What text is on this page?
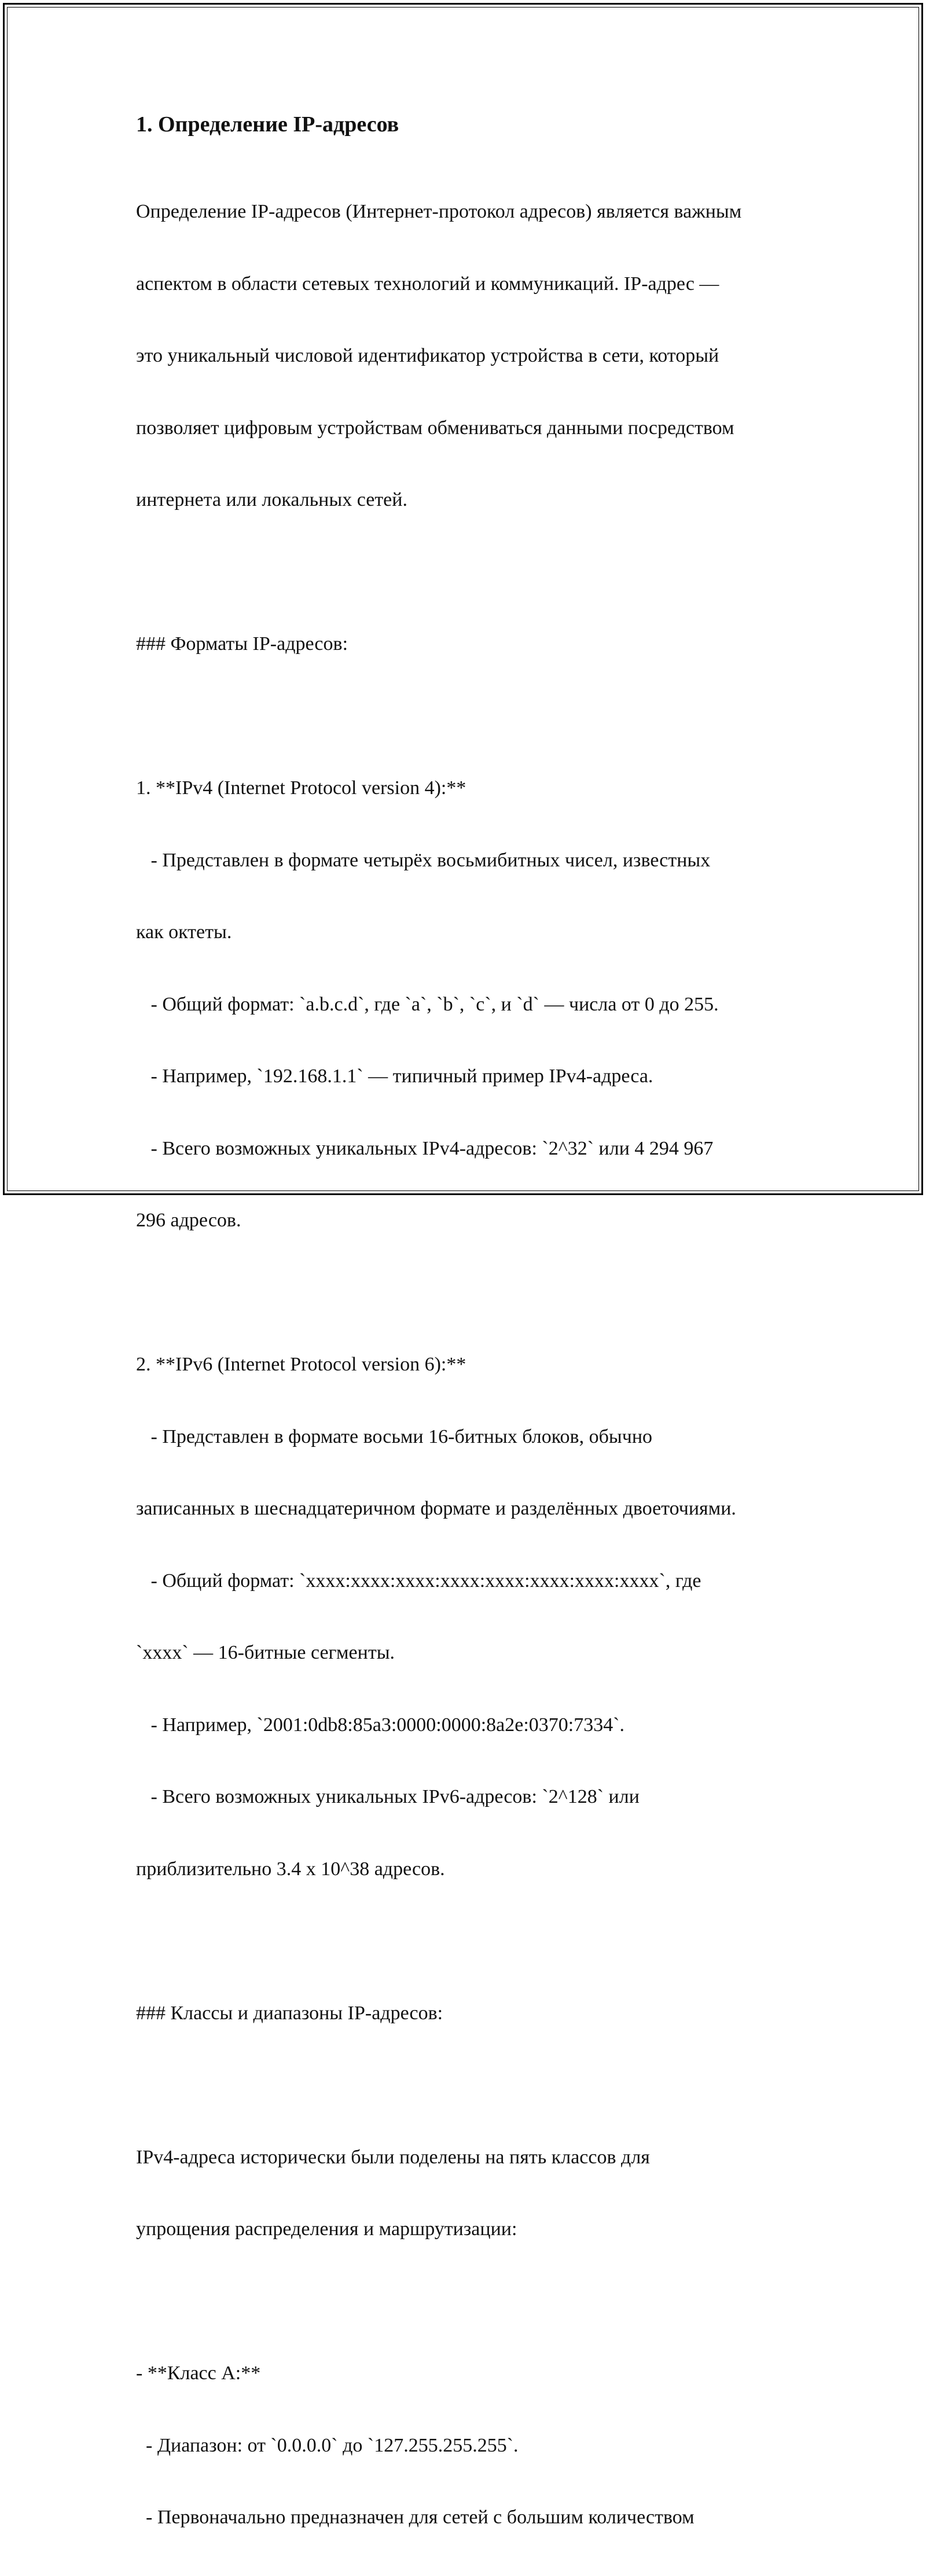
1. Определение IP-адресов

Определение IP-адресов (Интернет-протокол адресов) является важным

аспектом в области сетевых технологий и коммуникаций. IP-адрес —

это уникальный числовой идентификатор устройства в сети, который

позволяет цифровым устройствам обмениваться данными посредством

интернета или локальных сетей.

### Форматы IP-адресов:

1. **IPv4 (Internet Protocol version 4):**

- Представлен в формате четырёх восьмибитных чисел, известных

как октеты.

- Общий формат: `a.b.c.d`, где `a`, `b`, `c`, и `d` — числа от 0 до 255.

- Например, `192.168.1.1` — типичный пример IPv4-адреса.

- Всего возможных уникальных IPv4-адресов: `2^32` или 4 294 967

296 адресов.

2. **IPv6 (Internet Protocol version 6):**

- Представлен в формате восьми 16-битных блоков, обычно

записанных в шеснадцатеричном формате и разделённых двоеточиями.

- Общий формат: `xxxx:xxxx:xxxx:xxxx:xxxx:xxxx:xxxx:xxxx`, где

`xxxx` — 16-битные сегменты.

- Например, `2001:0db8:85a3:0000:0000:8a2e:0370:7334`.

- Всего возможных уникальных IPv6-адресов: `2^128` или

приблизительно 3.4 x 10^38 адресов.

### Классы и диапазоны IP-адресов:

IPv4-адреса исторически были поделены на пять классов для

упрощения распределения и маршрутизации:

- **Класс A:**

- Диапазон: от `0.0.0.0` до `127.255.255.255`.

- Первоначально предназначен для сетей с большим количеством
